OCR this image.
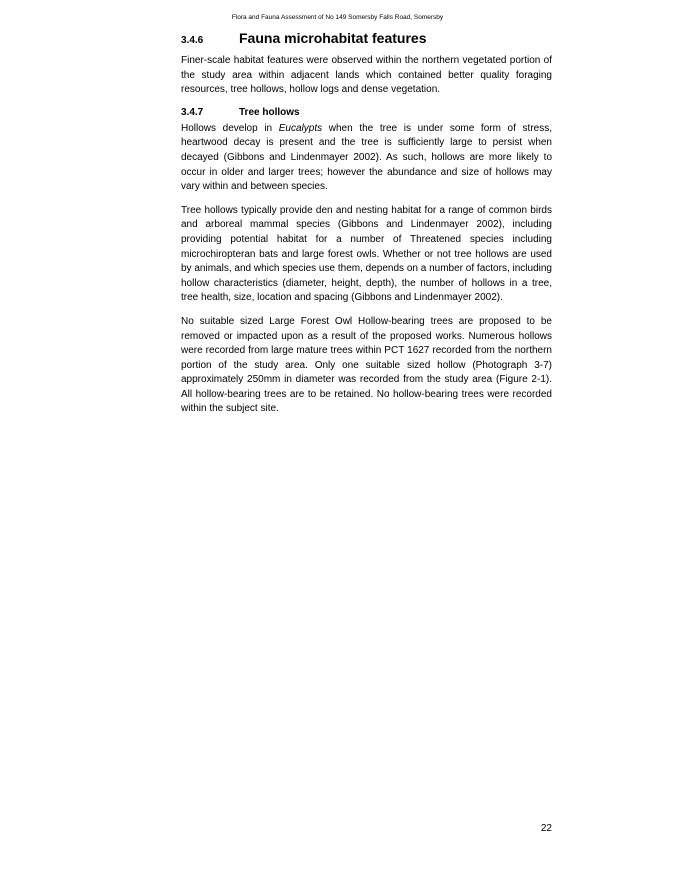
Flora and Fauna Assessment of No 149 Somersby Falls Road, Somersby
3.4.6	Fauna microhabitat features

Finer-scale habitat features were observed within the northern vegetated portion of the study area within adjacent lands which contained better quality foraging resources, tree hollows, hollow logs and dense vegetation.

3.4.7	Tree hollows

Hollows develop in Eucalypts when the tree is under some form of stress, heartwood decay is present and the tree is sufficiently large to persist when decayed (Gibbons and Lindenmayer 2002). As such, hollows are more likely to occur in older and larger trees; however the abundance and size of hollows may vary within and between species.

Tree hollows typically provide den and nesting habitat for a range of common birds and arboreal mammal species (Gibbons and Lindenmayer 2002), including providing potential habitat for a number of Threatened species including microchiropteran bats and large forest owls. Whether or not tree hollows are used by animals, and which species use them, depends on a number of factors, including hollow characteristics (diameter, height, depth), the number of hollows in a tree, tree health, size, location and spacing (Gibbons and Lindenmayer 2002).

No suitable sized Large Forest Owl Hollow-bearing trees are proposed to be removed or impacted upon as a result of the proposed works. Numerous hollows were recorded from large mature trees within PCT 1627 recorded from the northern portion of the study area. Only one suitable sized hollow (Photograph 3-7) approximately 250mm in diameter was recorded from the study area (Figure 2-1). All hollow-bearing trees are to be retained. No hollow-bearing trees were recorded within the subject site.

22
